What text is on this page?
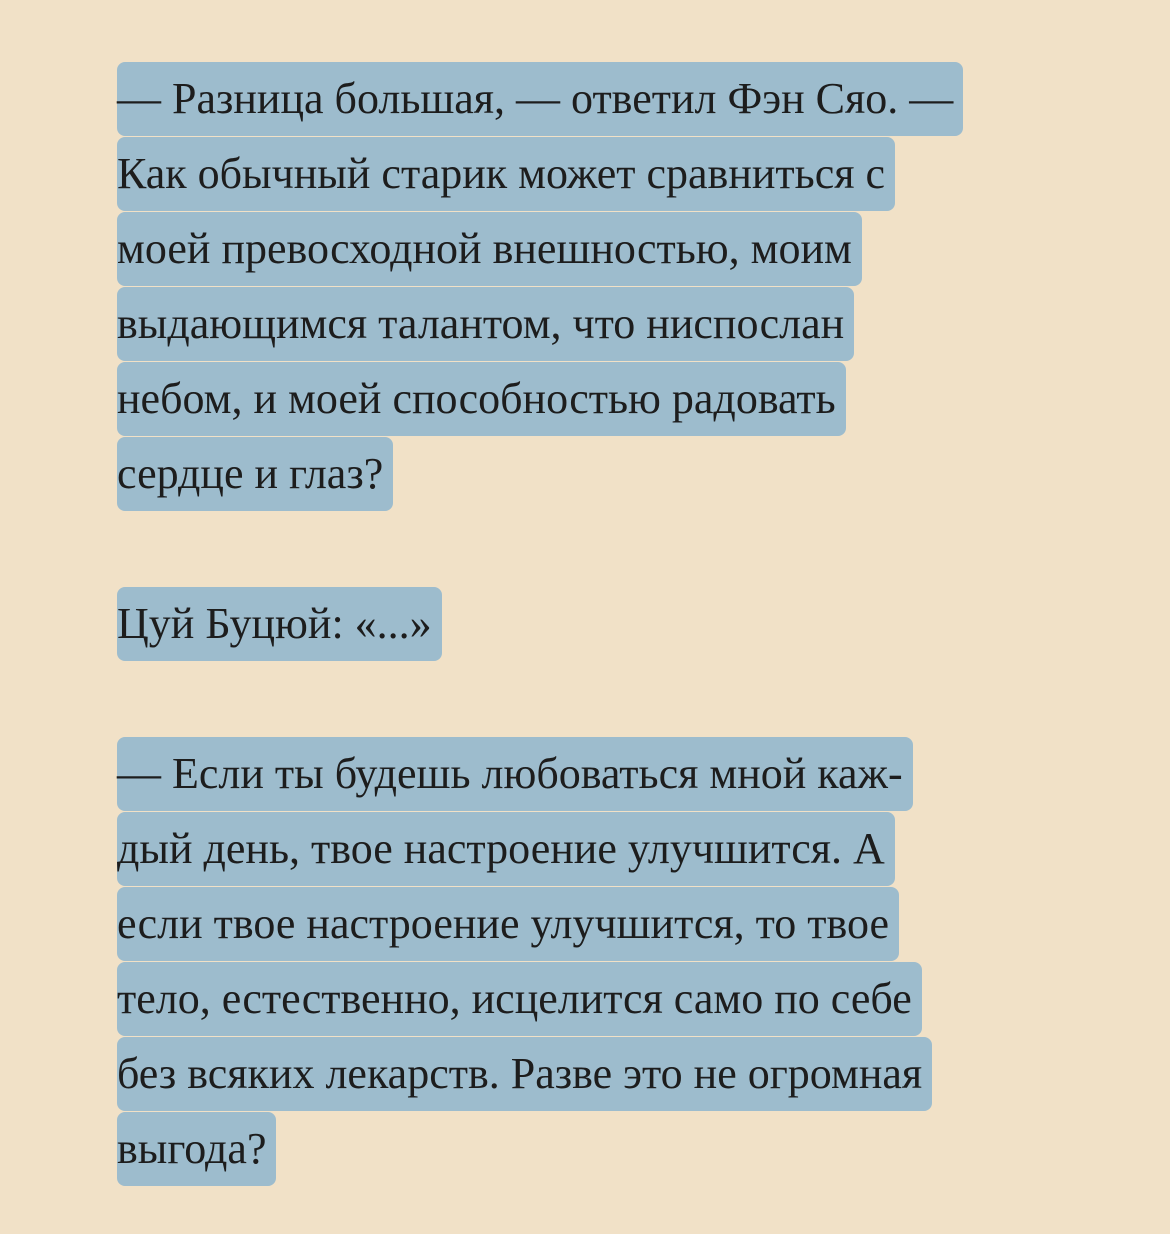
— Разница большая, — ответил Фэн Сяо. —
Как обычный старик может сравниться с
моей превосходной внешностью, моим
выдающимся талантом, что ниспослан
небом, и моей способностью радовать
сердце и глаз?
Цуй Буцюй: «...»
— Если ты будешь любоваться мной каж-
дый день, твое настроение улучшится. А
если твое настроение улучшится, то твое
тело, естественно, исцелится само по себе
без всяких лекарств. Разве это не огромная
выгода?
